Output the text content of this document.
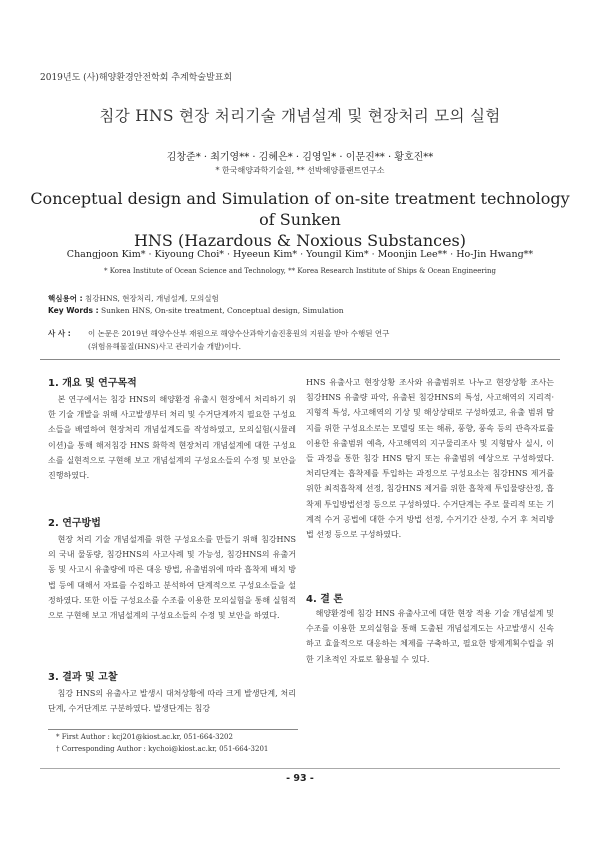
2019년도 (사)해양환경안전학회 추계학술발표회
침강 HNS 현장 처리기술 개념설계 및 현장처리 모의 실험
김창준* · 최기영** · 김혜은* · 김영일* · 이문진** · 황호진**
* 한국해양과학기술원, ** 선박해양플랜트연구소
Conceptual design and Simulation of on-site treatment technology of Sunken
HNS (Hazardous & Noxious Substances)
Changjoon Kim* · Kiyoung Choi* · Hyeeun Kim* · Youngil Kim* · Moonjin Lee** · Ho-Jin Hwang**
* Korea Institute of Ocean Science and Technology, ** Korea Research Institute of Ships & Ocean Engineering
핵심용어 : 침강HNS, 현장처리, 개념설계, 모의실험
Key Words : Sunken HNS, On-site treatment, Conceptual design, Simulation
사 사 : 이 논문은 2019년 해양수산부 재원으로 해양수산과학기술진흥원의 지원을 받아 수행된 연구
(위험유해물질(HNS)사고 관리기술 개발)이다.
1. 개요 및 연구목적
본 연구에서는 침강 HNS의 해양환경 유출시 현장에서 처리하기 위한 기술 개발을 위해 사고발생부터 처리 및 수거단계까지 필요한 구성요소들을 배열하여 현장처리 개념설계도를 작성하였고, 모의실험(시뮬레이션)을 통해 해저침강 HNS 화학적 현장처리 개념설계에 대한 구성요소를 실현적으로 구현해 보고 개념설계의 구성요소들의 수정 및 보안을 진행하였다.
2. 연구방법
현장 처리 기술 개념설계를 위한 구성요소를 만들기 위해 침강HNS의 국내 물동량, 침강HNS의 사고사례 및 가능성, 침강HNS의 유출거동 및 사고시 유출량에 따른 대응 방법, 유출범위에 따라 흡착제 배치 방법 등에 대해서 자료를 수집하고 분석하여 단계적으로 구성요소들을 설정하였다. 또한 이들 구성요소를 수조를 이용한 모의실험을 통해 실험적으로 구현해 보고 개념설계의 구성요소들의 수정 및 보안을 하였다.
3. 결과 및 고찰
침강 HNS의 유출사고 발생시 대처상황에 따라 크게 발생단계, 처리단계, 수거단계로 구분하였다. 발생단계는 침강
* First Author : kcj201@kiost.ac.kr, 051-664-3202
† Corresponding Author : kychoi@kiost.ac.kr, 051-664-3201
HNS 유출사고 현장상황 조사와 유출범위로 나누고 현장상황 조사는 침강HNS 유출량 파악, 유출된 침강HNS의 특성, 사고해역의 지리적·지형적 특성, 사고해역의 기상 및 해상상태로 구성하였고, 유출 범위 탐지를 위한 구성요소로는 모델링 또는 해류, 풍향, 풍속 등의 관측자료를 이용한 유출범위 예측, 사고해역의 지구물리조사 및 지형탐사 실시, 이들 과정을 통한 침강 HNS 탐지 또는 유출범위 예상으로 구성하였다. 처리단계는 흡착제를 투입하는 과정으로 구성요소는 침강HNS 제거를 위한 최적흡착제 선정, 침강HNS 제거를 위한 흡착제 투입물량산정, 흡착제 투입방법선정 등으로 구성하였다. 수거단계는 주로 물리적 또는 기계적 수거 공법에 대한 수거 방법 선정, 수거기간 산정, 수거 후 처리방법 선정 등으로 구성하였다.
4. 결 론
해양환경에 침강 HNS 유출사고에 대한 현장 적용 기술 개념설계 및 수조를 이용한 모의실험을 통해 도출된 개념설계도는 사고발생시 신속하고 효율적으로 대응하는 체제를 구축하고, 필요한 방제계획수립을 위한 기초적인 자료로 활용될 수 있다.
- 93 -
